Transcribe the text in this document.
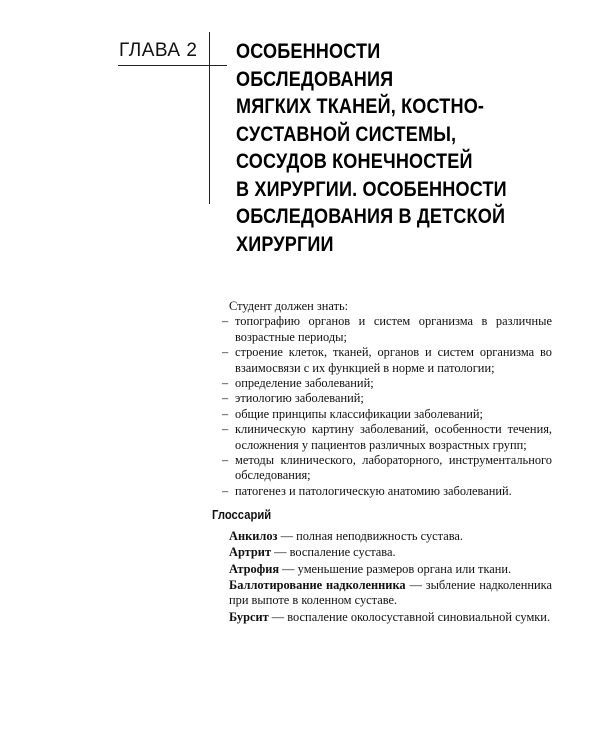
ГЛАВА 2 ОСОБЕННОСТИ
ОБСЛЕДОВАНИЯ
МЯГКИХ ТКАНЕЙ, КОСТНО-
СУСТАВНОЙ СИСТЕМЫ,
СОСУДОВ КОНЕЧНОСТЕЙ
В ХИРУРГИИ. ОСОБЕННОСТИ
ОБСЛЕДОВАНИЯ В ДЕТСКОЙ
ХИРУРГИИ

Студент должен знать:

– топографию органов и систем организма в различные возрастные периоды;
– строение клеток, тканей, органов и систем организма во взаимосвязи с их функцией в норме и патологии;
– определение заболеваний;
– этиологию заболеваний;
– общие принципы классификации заболеваний;
– клиническую картину заболеваний, особенности течения, осложнения у пациентов различных возрастных групп;
– методы клинического, лабораторного, инструментального обследования;
– патогенез и патологическую анатомию заболеваний.
Глоссарий

Анкилоз — полная неподвижность сустава.

Артрит — воспаление сустава.

Атрофия — уменьшение размеров органа или ткани.

Баллотирование надколенника — зыбление надколенника при выпоте в коленном суставе.

Бурсит — воспаление околосуставной синовиальной сумки.
